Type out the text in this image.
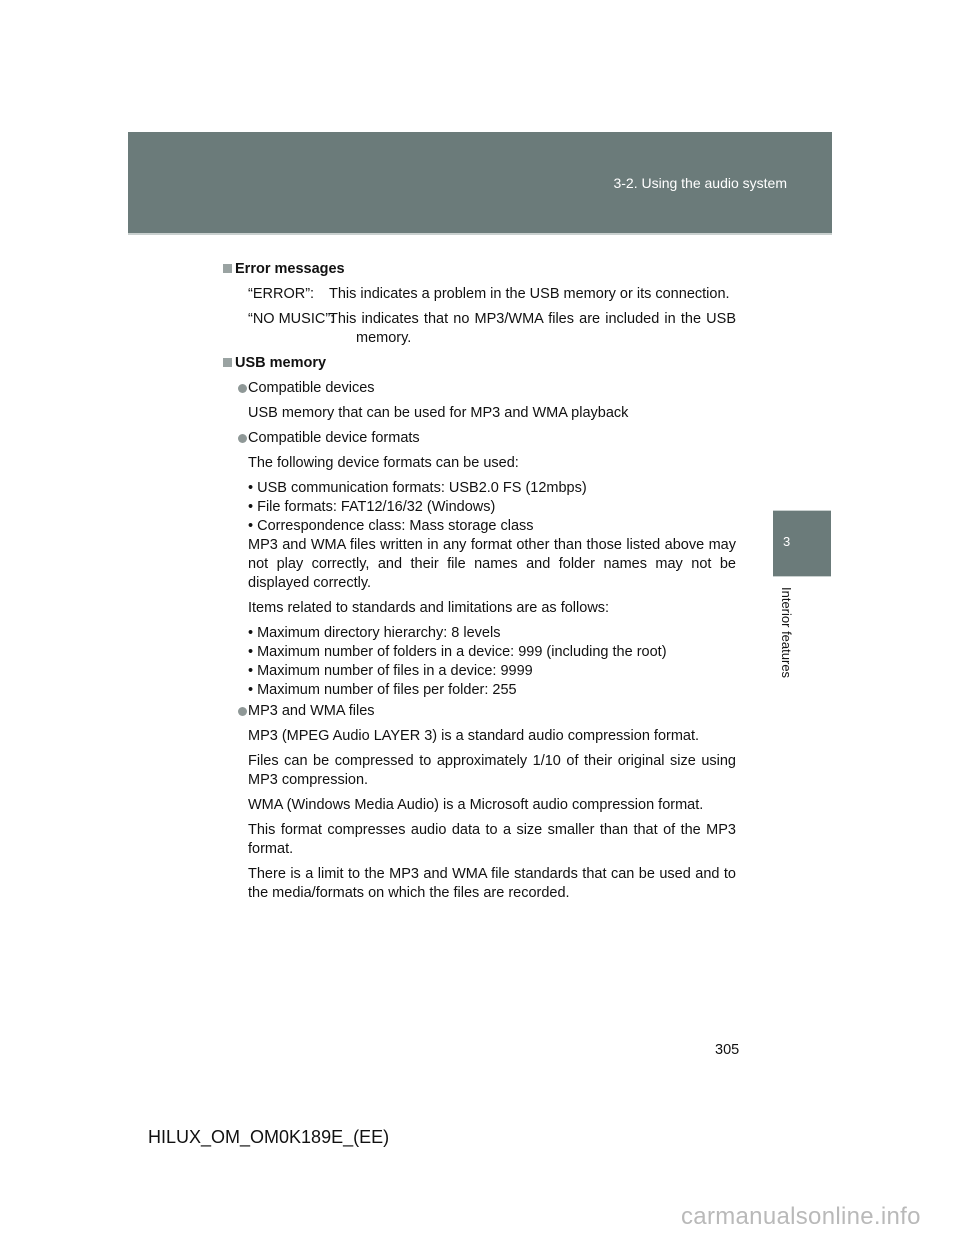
3-2. Using the audio system
3
Interior features
Error messages
“ERROR”: This indicates a problem in the USB memory or its connection.
“NO MUSIC”:
This indicates that no MP3/WMA files are included in the USB
memory.
USB memory
Compatible devices
USB memory that can be used for MP3 and WMA playback
Compatible device formats
The following device formats can be used:
• USB communication formats: USB2.0 FS (12mbps)
• File formats: FAT12/16/32 (Windows)
• Correspondence class: Mass storage class
MP3 and WMA files written in any format other than those listed above may not play correctly, and their file names and folder names may not be displayed correctly.
Items related to standards and limitations are as follows:
• Maximum directory hierarchy: 8 levels
• Maximum number of folders in a device: 999 (including the root)
• Maximum number of files in a device: 9999
• Maximum number of files per folder: 255
MP3 and WMA files
MP3 (MPEG Audio LAYER 3) is a standard audio compression format.
Files can be compressed to approximately 1/10 of their original size using MP3 compression.
WMA (Windows Media Audio) is a Microsoft audio compression format.
This format compresses audio data to a size smaller than that of the MP3 format.
There is a limit to the MP3 and WMA file standards that can be used and to the media/formats on which the files are recorded.
305
HILUX_OM_OM0K189E_(EE)
carmanualsonline.info
